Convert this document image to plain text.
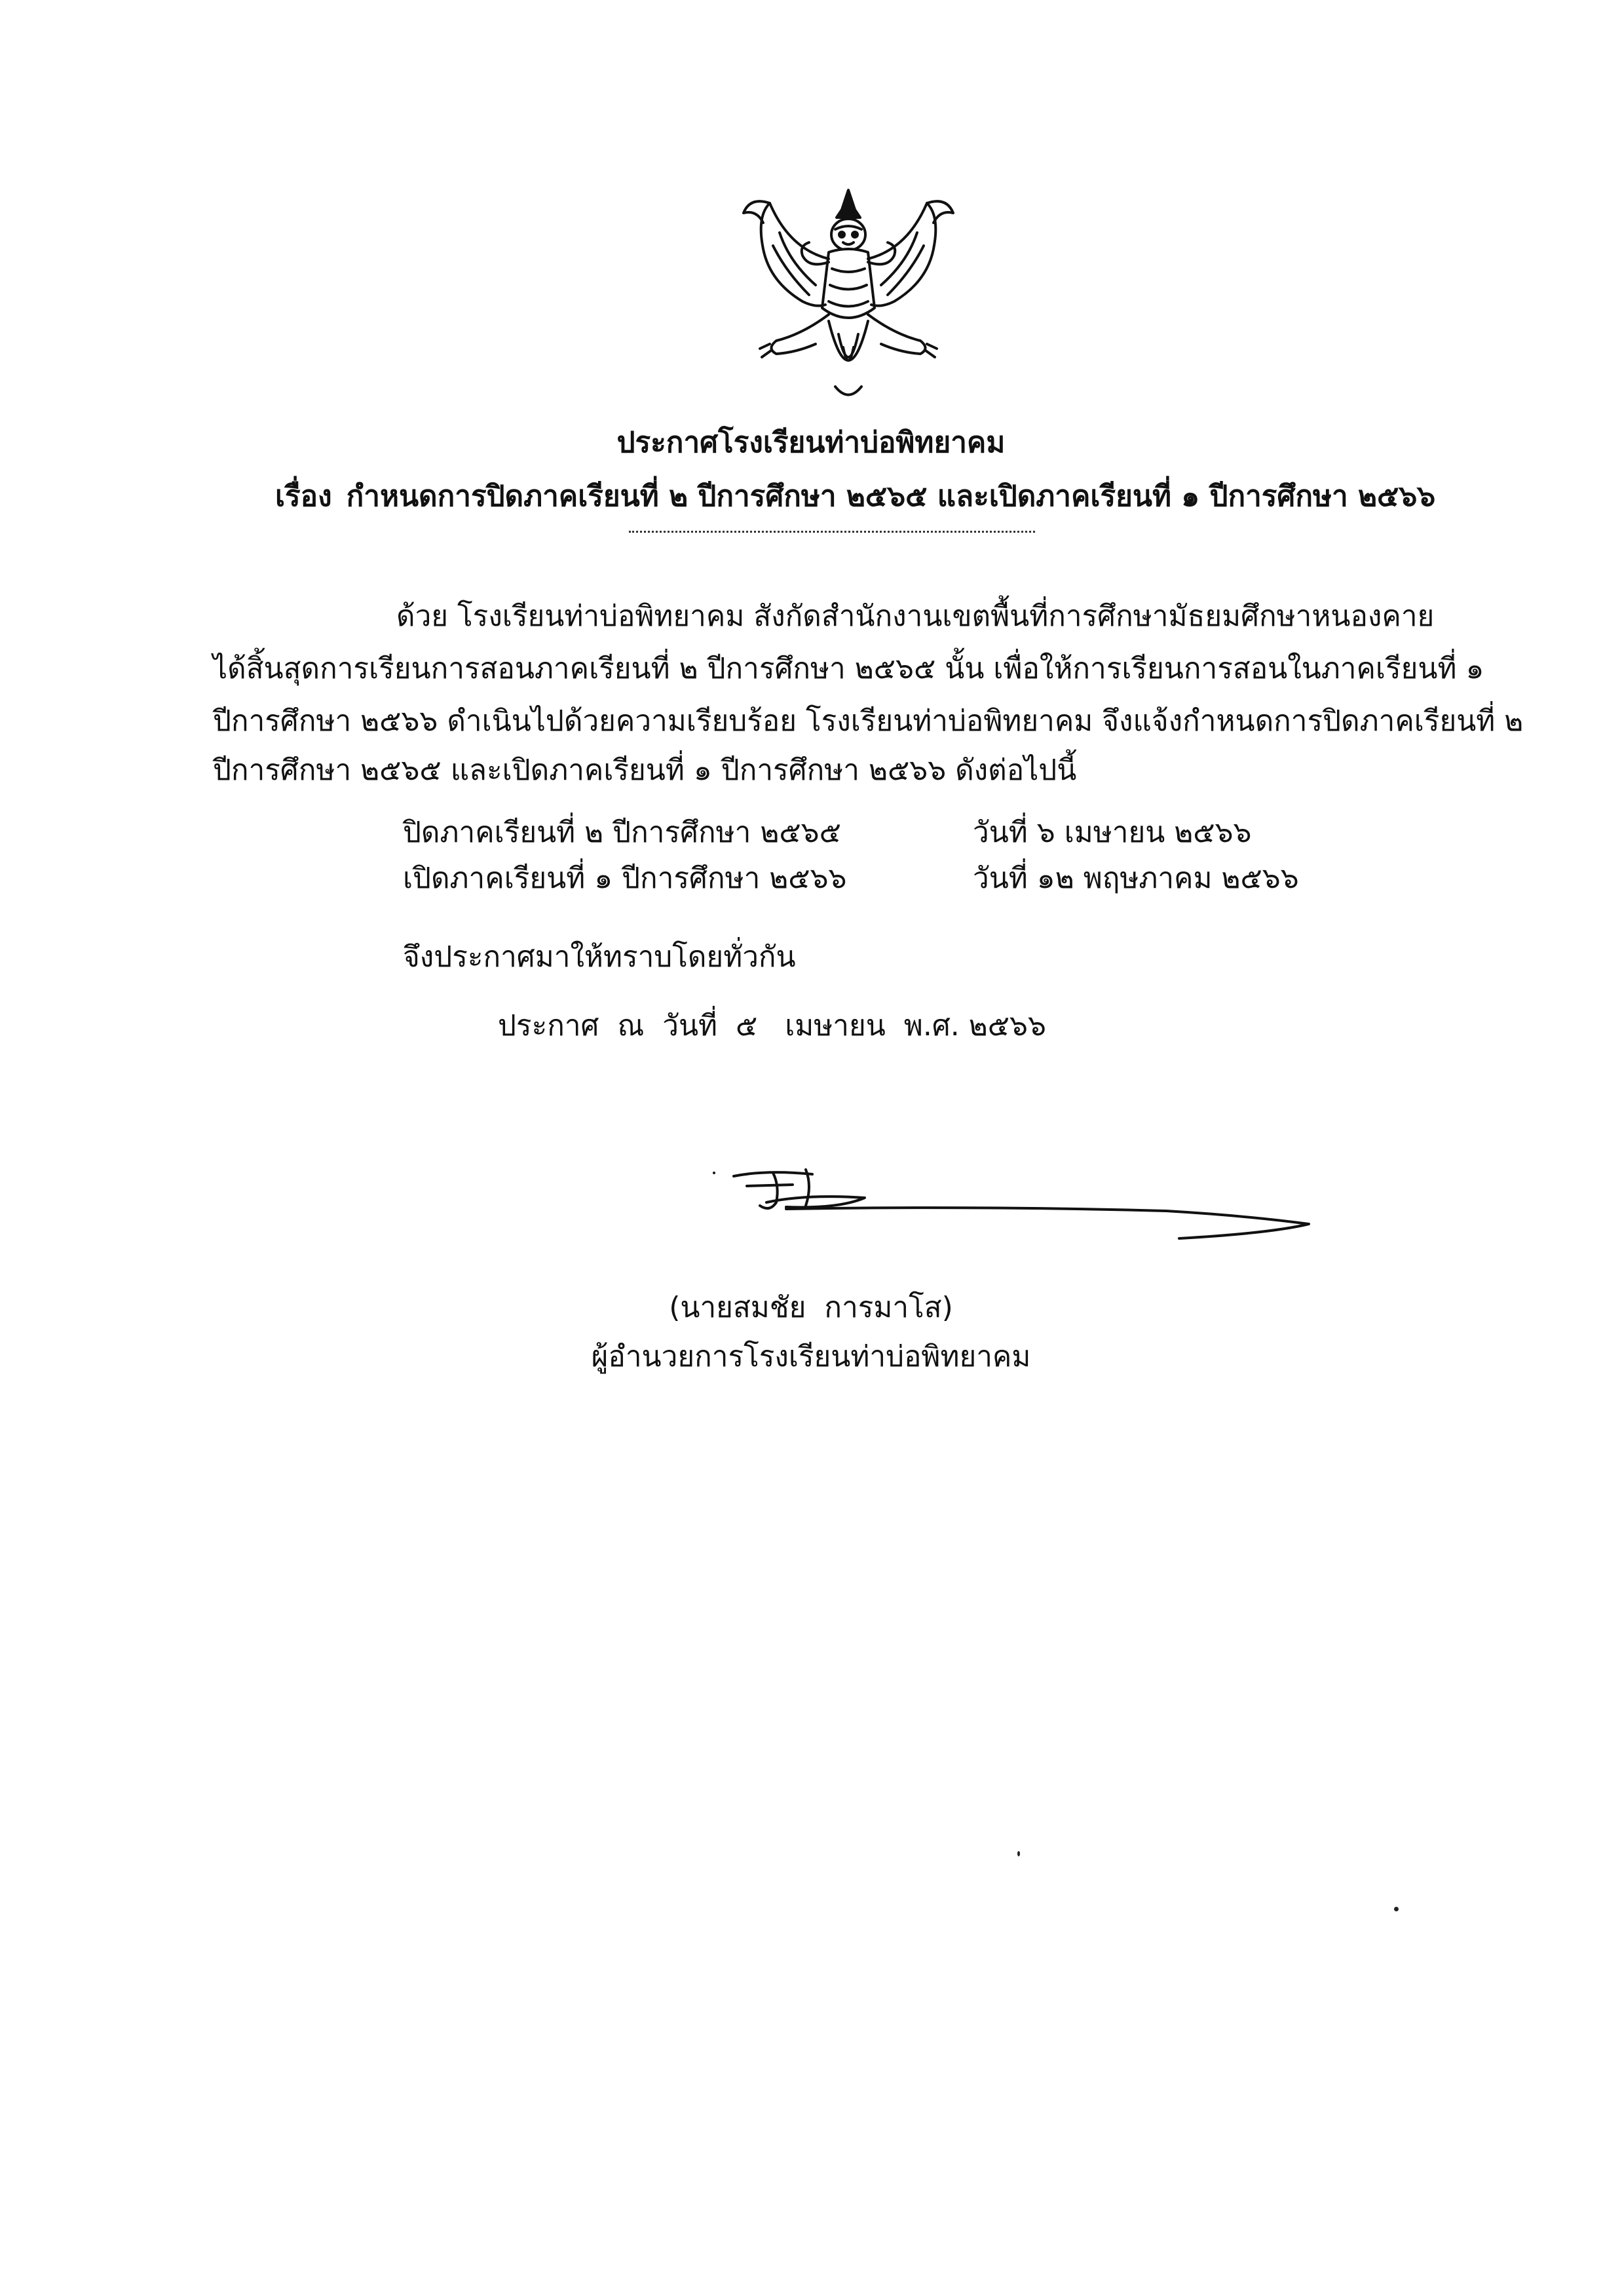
ประกาศโรงเรียนท่าบ่อพิทยาคม
เรื่อง กำหนดการปิดภาคเรียนที่ ๒ ปีการศึกษา ๒๕๖๕ และเปิดภาคเรียนที่ ๑ ปีการศึกษา ๒๕๖๖
ด้วย โรงเรียนท่าบ่อพิทยาคม สังกัดสำนักงานเขตพื้นที่การศึกษามัธยมศึกษาหนองคาย
ได้สิ้นสุดการเรียนการสอนภาคเรียนที่ ๒ ปีการศึกษา ๒๕๖๕ นั้น เพื่อให้การเรียนการสอนในภาคเรียนที่ ๑
ปีการศึกษา ๒๕๖๖ ดำเนินไปด้วยความเรียบร้อย โรงเรียนท่าบ่อพิทยาคม จึงแจ้งกำหนดการปิดภาคเรียนที่ ๒
ปีการศึกษา ๒๕๖๕ และเปิดภาคเรียนที่ ๑ ปีการศึกษา ๒๕๖๖ ดังต่อไปนี้
ปิดภาคเรียนที่ ๒ ปีการศึกษา ๒๕๖๕	วันที่ ๖ เมษายน ๒๕๖๖
เปิดภาคเรียนที่ ๑ ปีการศึกษา ๒๕๖๖	วันที่ ๑๒ พฤษภาคม ๒๕๖๖
จึงประกาศมาให้ทราบโดยทั่วกัน
ประกาศ  ณ  วันที่  ๕   เมษายน  พ.ศ. ๒๕๖๖
(นายสมชัย  การมาโส)
ผู้อำนวยการโรงเรียนท่าบ่อพิทยาคม
